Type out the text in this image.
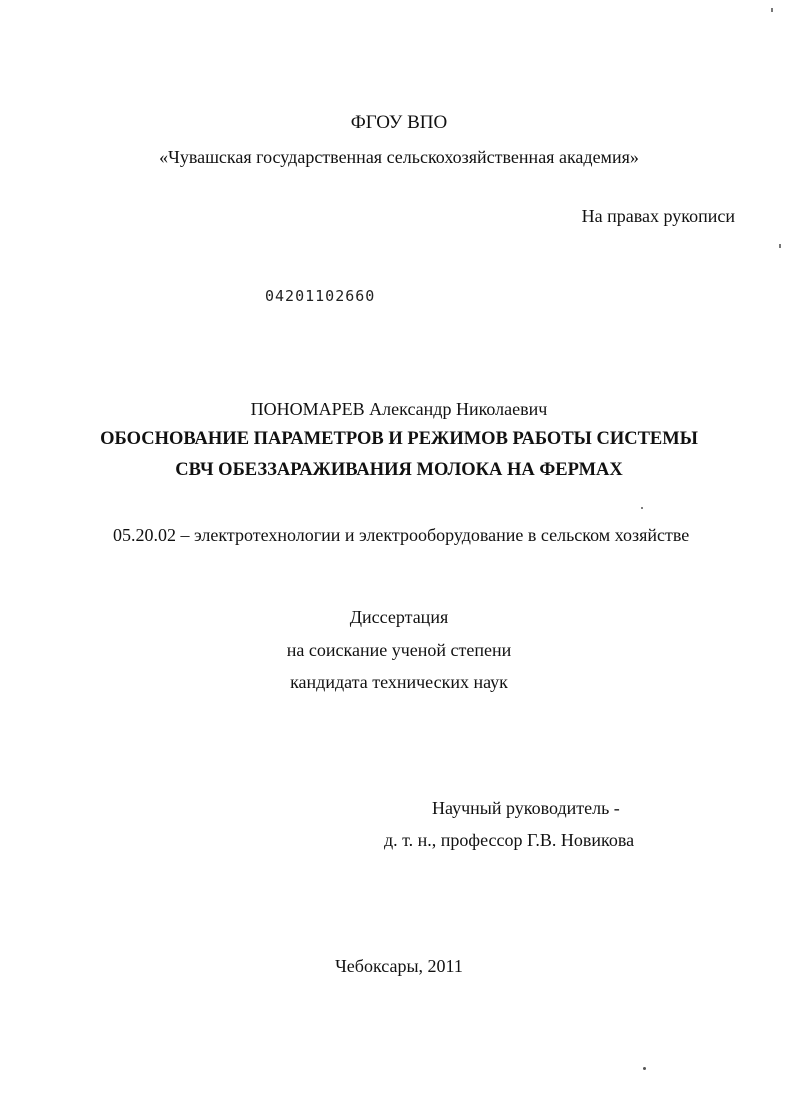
ФГОУ ВПО
«Чувашская государственная сельскохозяйственная академия»
На правах рукописи
04201102660
ПОНОМАРЕВ Александр Николаевич
ОБОСНОВАНИЕ ПАРАМЕТРОВ И РЕЖИМОВ РАБОТЫ СИСТЕМЫ
СВЧ ОБЕЗЗАРАЖИВАНИЯ МОЛОКА НА ФЕРМАХ
05.20.02 – электротехнологии и электрооборудование в сельском хозяйстве
Диссертация
на соискание ученой степени
кандидата технических наук
Научный руководитель -
д. т. н., профессор Г.В. Новикова
Чебоксары, 2011
